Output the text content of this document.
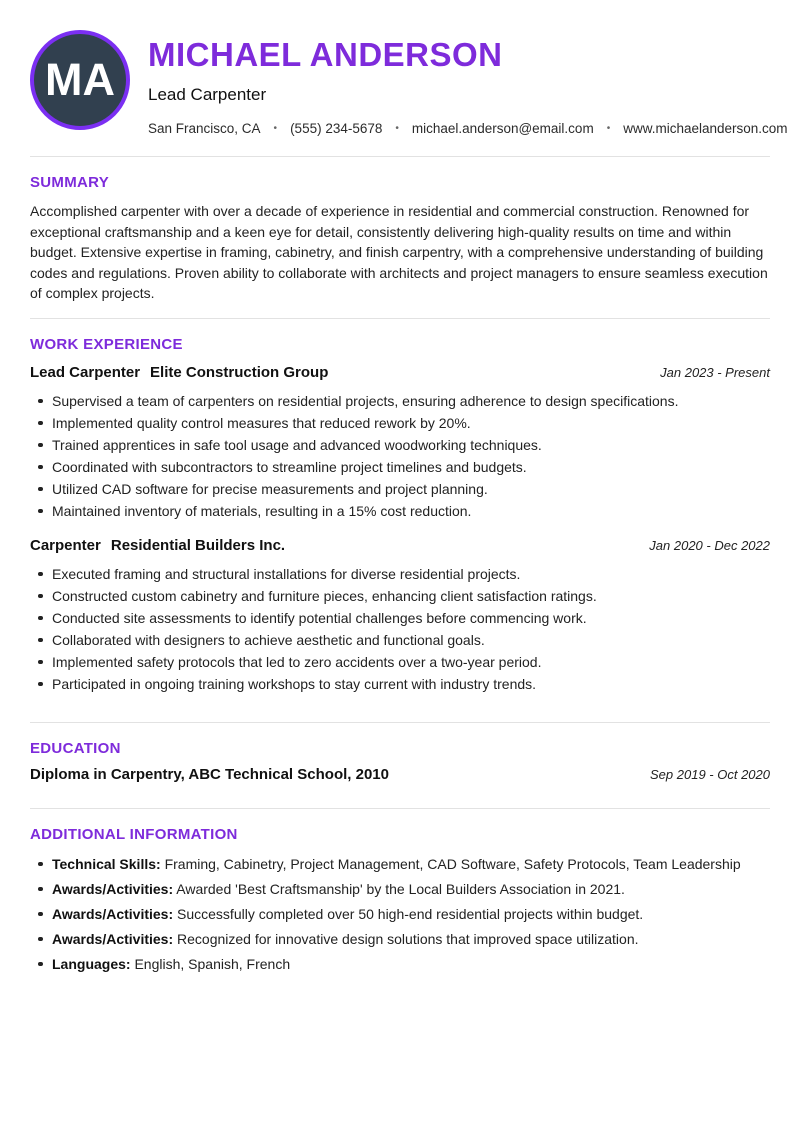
MA MICHAEL ANDERSON
Lead Carpenter
San Francisco, CA • (555) 234-5678 • michael.anderson@email.com • www.michaelanderson.com
SUMMARY

Accomplished carpenter with over a decade of experience in residential and commercial construction. Renowned for exceptional craftsmanship and a keen eye for detail, consistently delivering high-quality results on time and within budget. Extensive expertise in framing, cabinetry, and finish carpentry, with a comprehensive understanding of building codes and regulations. Proven ability to collaborate with architects and project managers to ensure seamless execution of complex projects.

WORK EXPERIENCE
Lead Carpenter Elite Construction Group	Jan 2023 - Present
Supervised a team of carpenters on residential projects, ensuring adherence to design specifications.
Implemented quality control measures that reduced rework by 20%.
Trained apprentices in safe tool usage and advanced woodworking techniques.
Coordinated with subcontractors to streamline project timelines and budgets.
Utilized CAD software for precise measurements and project planning.
Maintained inventory of materials, resulting in a 15% cost reduction.
Carpenter Residential Builders Inc.	Jan 2020 - Dec 2022
Executed framing and structural installations for diverse residential projects.
Constructed custom cabinetry and furniture pieces, enhancing client satisfaction ratings.
Conducted site assessments to identify potential challenges before commencing work.
Collaborated with designers to achieve aesthetic and functional goals.
Implemented safety protocols that led to zero accidents over a two-year period.
Participated in ongoing training workshops to stay current with industry trends.
EDUCATION
Diploma in Carpentry, ABC Technical School, 2010	Sep 2019 - Oct 2020
ADDITIONAL INFORMATION
Technical Skills: Framing, Cabinetry, Project Management, CAD Software, Safety Protocols, Team Leadership
Awards/Activities: Awarded 'Best Craftsmanship' by the Local Builders Association in 2021.
Awards/Activities: Successfully completed over 50 high-end residential projects within budget.
Awards/Activities: Recognized for innovative design solutions that improved space utilization.
Languages: English, Spanish, French
